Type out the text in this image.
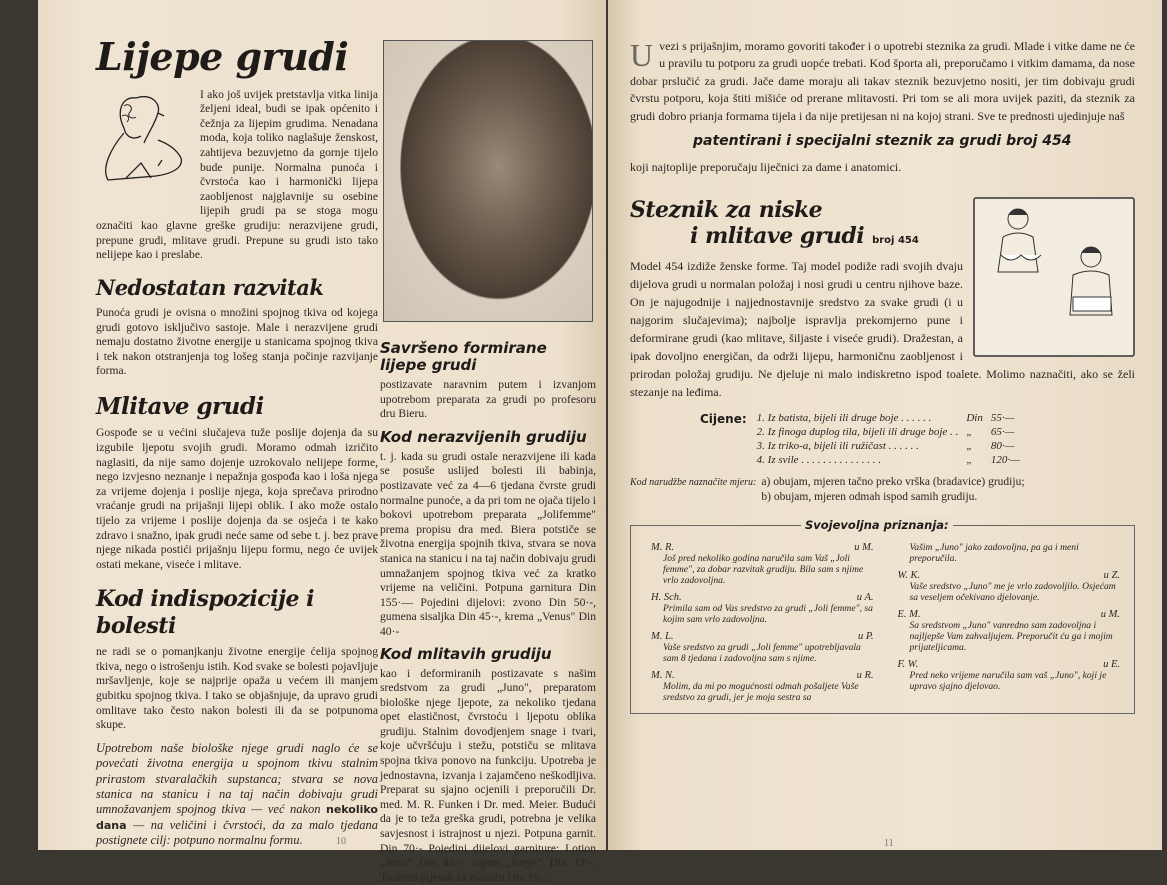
Lijepe grudi
I ako još uvijek pretstavlja vitka linija željeni ideal, budi se ipak općenito i čežnja za lijepim grudima. Nenadana moda, koja toliko naglašuje ženskost, zahtijeva bezuvjetno da gornje tijelo bude punije. Normalna punoća i čvrstoća kao i harmonički lijepa zaobljenost najglavnije su osebine lijepih grudi pa se stoga mogu označiti kao glavne greške grudiju: nerazvijene grudi, prepune grudi, mlitave grudi. Prepune su grudi isto tako nelijepe kao i preslabe.
Nedostatan razvitak
Punoća grudi je ovisna o množini spojnog tkiva od kojega grudi gotovo isključivo sastoje. Male i nerazvijene grudi nemaju dostatno životne energije u stanicama spojnog tkiva i tek nakon otstranjenja tog lošeg stanja počinje razvijanje forma.
Mlitave grudi
Gospođe se u većini slučajeva tuže poslije dojenja da su izgubile ljepotu svojih grudi. Moramo odmah izričito naglasiti, da nije samo dojenje uzrokovalo nelijepe forme, nego izvjesno neznanje i nepažnja gospođa kao i loša njega za vrijeme dojenja i poslije njega, koja sprečava prirodno vraćanje grudi na prijašnji lijepi oblik. I ako može ostalo tijelo za vrijeme i poslije dojenja da se osjeća i te kako zdravo i snažno, ipak grudi neće same od sebe t. j. bez prave njege nikada postići prijašnju lijepu formu, nego će uvijek ostati mekane, viseće i mlitave.
Kod indispozicije i bolesti
ne radi se o pomanjkanju životne energije ćelija spojnog tkiva, nego o istrošenju istih. Kod svake se bolesti pojavljuje mršavljenje, koje se najprije opaža u većem ili manjem gubitku spojnog tkiva. I tako se objašnjuje, da upravo grudi omlitave tako često nakon bolesti ili da se potpunoma skupe.
Upotrebom naše biološke njege grudi naglo će se povećati životna energija u spojnom tkivu stalnim prirastom stvaralačkih supstanca; stvara se nova stanica na stanicu i na taj način dobivaju grudi umnožavanjem spojnog tkiva — već nakon nekoliko dana — na veličini i čvrstoći, da za malo tjedana postignete cilj: potpuno normalnu formu.
Savršeno formirane lijepe grudi
postizavate naravnim putem i izvanjom upotrebom preparata za grudi po profesoru dru Bieru.
Kod nerazvijenih grudiju
t. j. kada su grudi ostale nerazvijene ili kada se posuše uslijed bolesti ili babinja, postizavate već za 4—6 tjedana čvrste grudi normalne punoće, a da pri tom ne ojača tijelo i bokovi upotrebom preparata „Jolifemme" prema propisu dra med. Biera potstiče se životna energija spojnih tkiva, stvara se nova stanica na stanicu i na taj način dobivaju grudi umnažanjem spojnog tkiva već za kratko vrijeme na veličini. Potpuna garnitura Din 155·— Pojedini dijelovi: zvono Din 50·-, gumena sisaljka Din 45·-, krema „Venus" Din 40·-
Kod mlitavih grudiju
kao i deformiranih postizavate s našim sredstvom za grudi „Juno", preparatom biološke njege ljepote, za nekoliko tjedana opet elastičnost, čvrstoću i ljepotu oblika grudiju. Stalnim dovodjenjem snage i tvari, koje učvršćuju i stežu, potstiču se mlitava spojna tkiva ponovo na funkciju. Upotreba je jednostavna, izvanja i zajamčeno neškodljiva. Preparat su sjajno ocjenili i preporučili Dr. med. M. R. Funken i Dr. med. Meier. Budući da je to teža greška grudi, potrebna je velika savjesnost i istrajnost u njezi. Potpuna garnit. Din 70·- Pojedini dijelovi garniture: Lotion „Juno" Din 45·-, sapun „Regis" Din 12·-, Toaletni pijesak za masažu Din 15·-.
10
U vezi s prijašnjim, moramo govoriti također i o upotrebi steznika za grudi. Mlade i vitke dame ne će u pravilu tu potporu za grudi uopće trebati. Kod športa ali, preporučamo i vitkim damama, da nose dobar prslučić za grudi. Jače dame moraju ali takav steznik bezuvjetno nositi, jer tim dobivaju grudi čvrstu potporu, koja štiti mišiće od prerane mlitavosti. Pri tom se ali mora uvijek paziti, da steznik za grudi dobro prianja formama tijela i da nije pretijesan ni na kojoj strani. Sve te prednosti ujedinjuje naš
patentirani i specijalni steznik za grudi broj 454
koji najtoplije preporučaju liječnici za dame i anatomici.
Steznik za niske
i mlitave grudi broj 454
Model 454 izdiže ženske forme. Taj model podiže radi svojih dvaju dijelova grudi u normalan položaj i nosi grudi u centru njihove baze. On je najugodnije i najjednostavnije sredstvo za svake grudi (i u najgorim slučajevima); najbolje ispravlja prekomjerno pune i deformirane grudi (kao mlitave, šiljaste i viseće grudi). Dražestan, a ipak dovoljno energičan, da održi lijepu, harmoničnu zaobljenost i prirodan položaj grudiju. Ne djeluje ni malo indiskretno ispod toalete. Molimo naznačiti, ako se želi stezanje na leđima.
Cijene: 1. Iz batista, bijeli ili druge boje . . . . . .	Din	55·—
2. Iz finoga duplog tila, bijeli ili druge boje . .	„	65·—
3. Iz triko-a, bijeli ili ružičast . . . . . .	„	80·—
4. Iz svile . . . . . . . . . . . . . . .	„	120·—
Kod narudžbe naznačite mjeru: a) obujam, mjeren tačno preko vrška (bradavice) grudiju;
b) obujam, mjeren odmah ispod samih grudiju.
Svojevoljna priznanja:
M. R.	u M.
Još pred nekoliko godina naručila sam Vaš „Joli femme", za dobar razvitak grudiju. Bila sam s njime vrlo zadovoljna.
H. Sch.	u A.
Primila sam od Vas sredstvo za grudi „Joli femme", sa kojim sam vrlo zadovoljna.
M. L.	u P.
Vaše sredstvo za grudi „Joli femme" upotrebljavala sam 8 tjedana i zadovoljna sam s njime.
M. N.	u R.
Molim, da mi po mogućnosti odmah pošaljete Vaše sredstvo za grudi, jer je moja sestra sa
Vašim „Juno" jako zadovoljna, pa ga i meni preporučila.
W. K.	u Z.
Vaše sredstvo „Juno" me je vrlo zadovoljilo. Osjećam sa veseljem očekivano djelovanje.
E. M.	u M.
Sa sredstvom „Juno" vanredno sam zadovoljna i najljepše Vam zahvaljujem. Preporučit ću ga i mojim prijateljicama.
F. W.	u E.
Pred neko vrijeme naručila sam vaš „Juno", koji je upravo sjajno djelovao.
11
